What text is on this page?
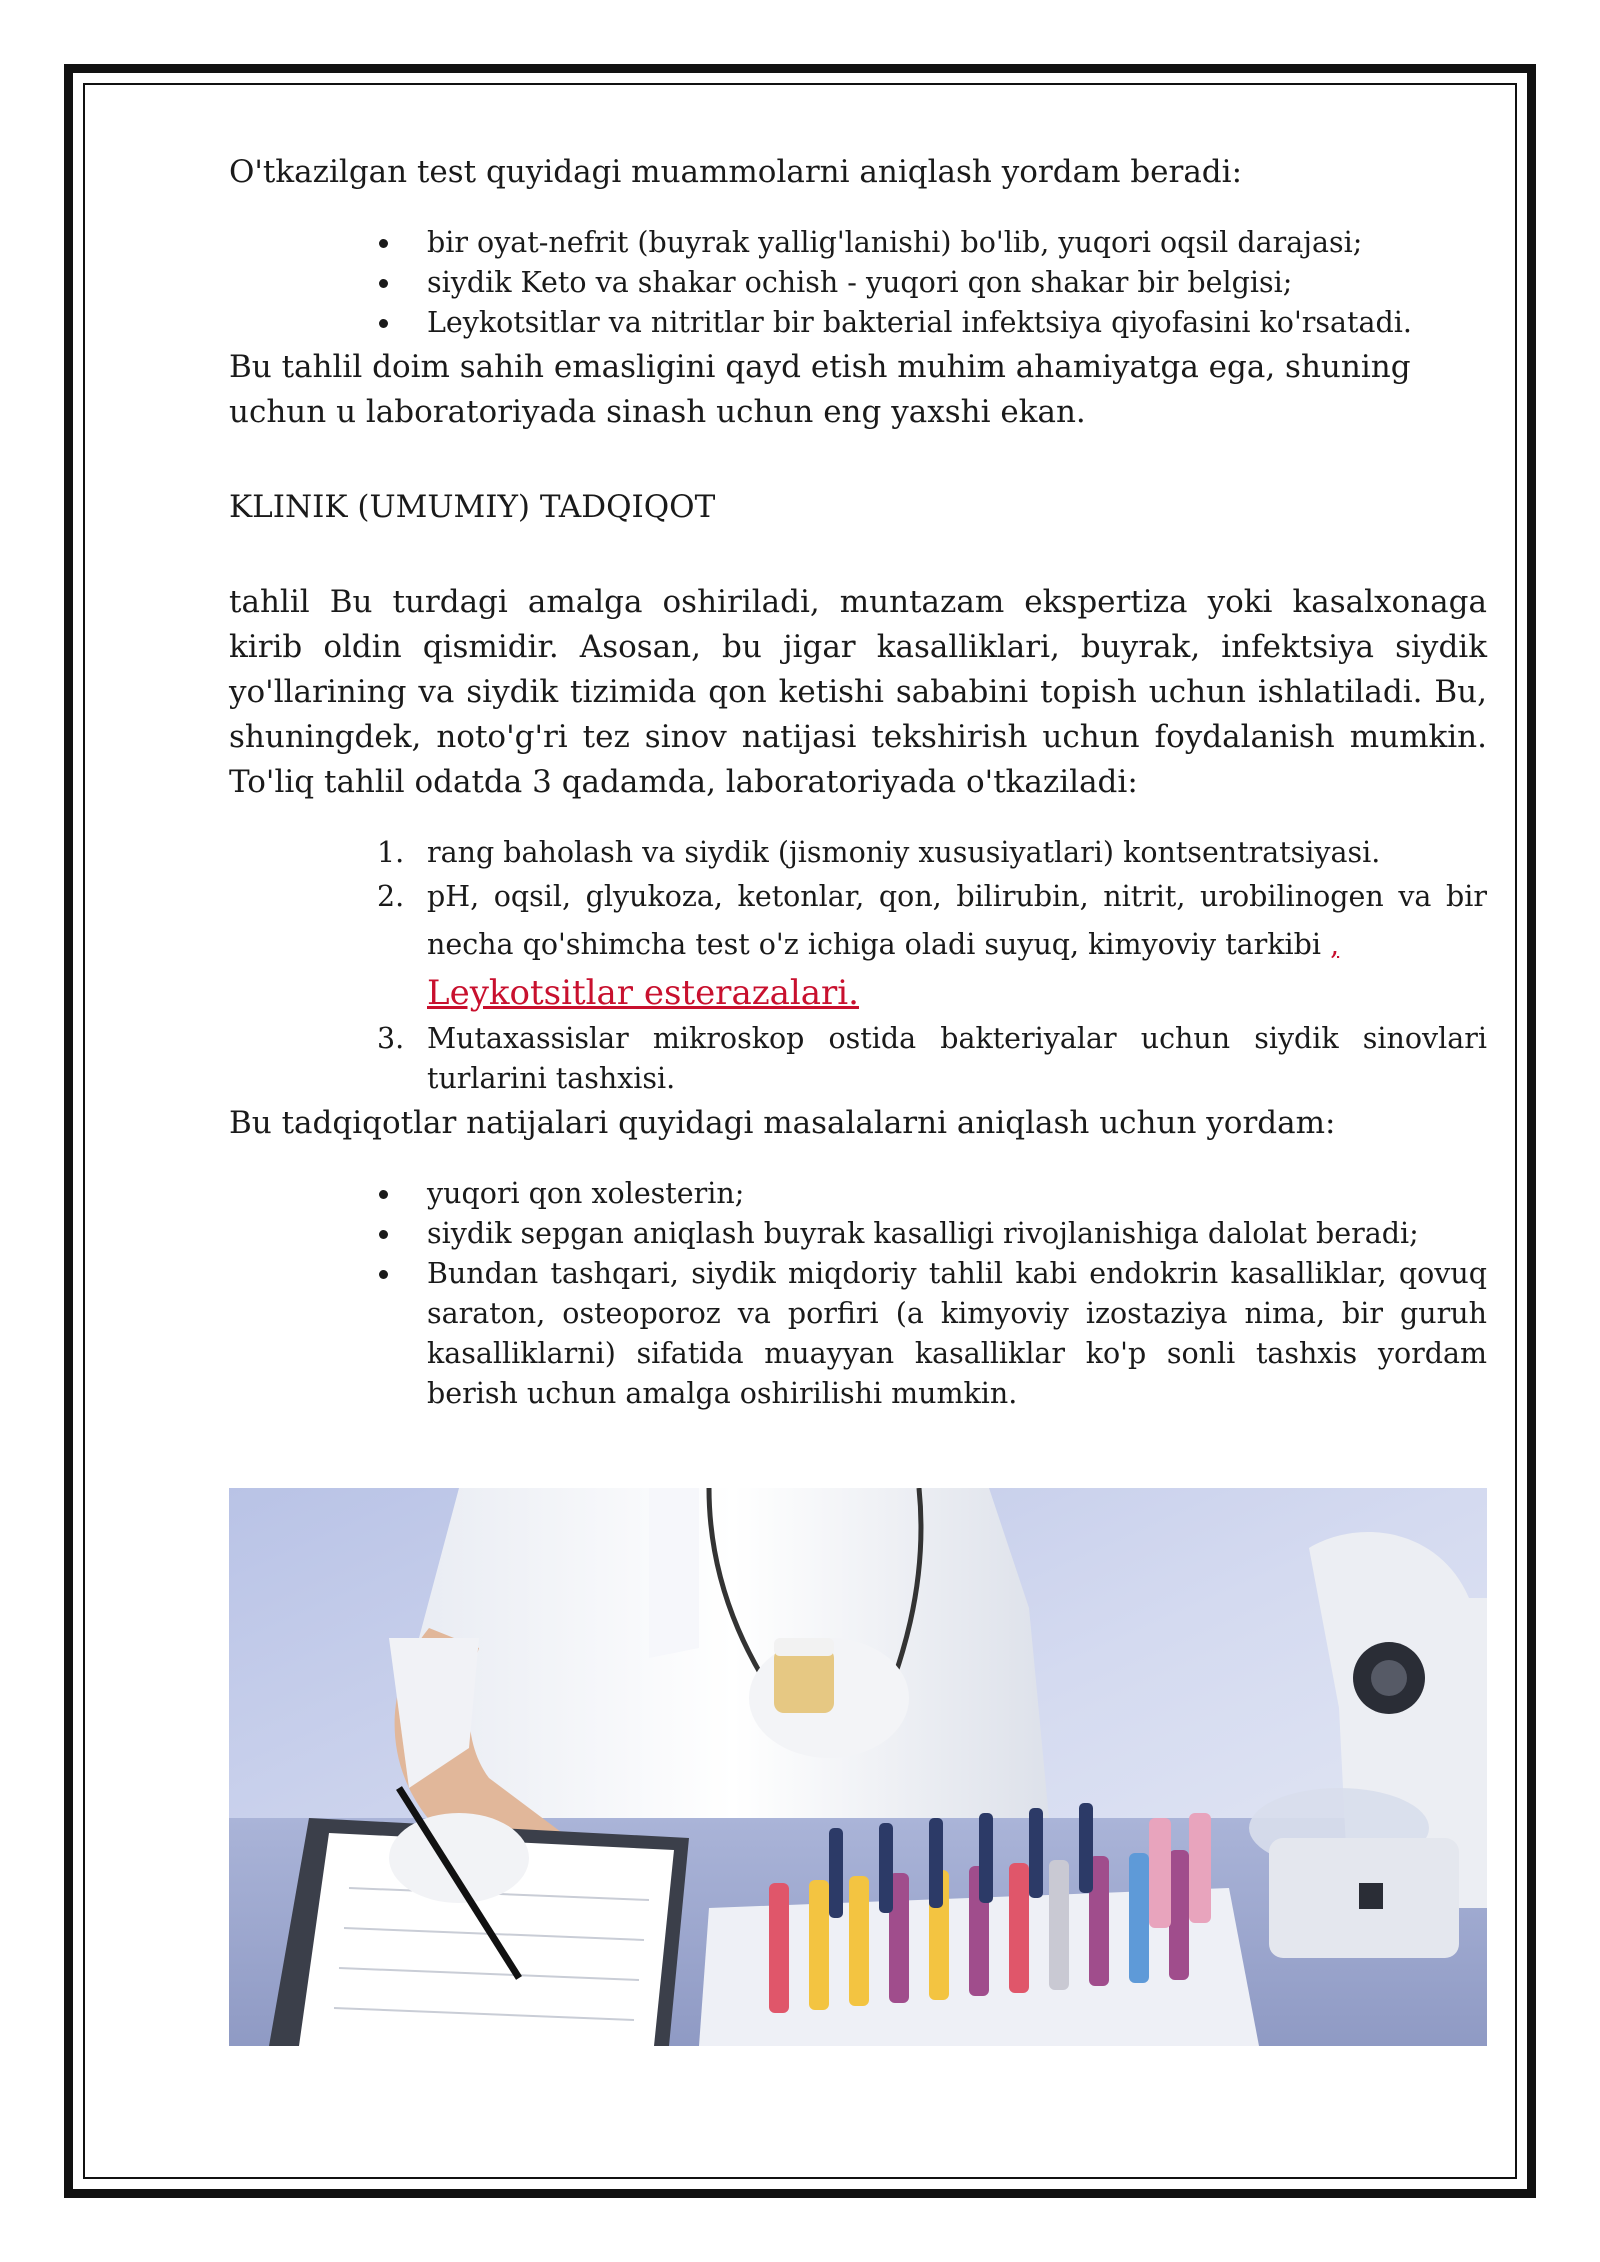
O'tkazilgan test quyidagi muammolarni aniqlash yordam beradi:

bir oyat-nefrit (buyrak yallig'lanishi) bo'lib, yuqori oqsil darajasi;
siydik Keto va shakar ochish - yuqori qon shakar bir belgisi;
Leykotsitlar va nitritlar bir bakterial infektsiya qiyofasini ko'rsatadi.

Bu tahlil doim sahih emasligini qayd etish muhim ahamiyatga ega, shuning uchun u laboratoriyada sinash uchun eng yaxshi ekan.

KLINIK (UMUMIY) TADQIQOT

tahlil Bu turdagi amalga oshiriladi, muntazam ekspertiza yoki kasalxonaga kirib oldin qismidir. Asosan, bu jigar kasalliklari, buyrak, infektsiya siydik yo'llarining va siydik tizimida qon ketishi sababini topish uchun ishlatiladi. Bu, shuningdek, noto'g'ri tez sinov natijasi tekshirish uchun foydalanish mumkin. To'liq tahlil odatda 3 qadamda, laboratoriyada o'tkaziladi:

1. rang baholash va siydik (jismoniy xususiyatlari) kontsentratsiyasi.
2. pH, oqsil, glyukoza, ketonlar, qon, bilirubin, nitrit, urobilinogen va bir necha qo'shimcha test o'z ichiga oladi suyuq, kimyoviy tarkibi ,
Leykotsitlar esterazalari.
3. Mutaxassislar mikroskop ostida bakteriyalar uchun siydik sinovlari turlarini tashxisi.

Bu tadqiqotlar natijalari quyidagi masalalarni aniqlash uchun yordam:

yuqori qon xolesterin;
siydik sepgan aniqlash buyrak kasalligi rivojlanishiga dalolat beradi;
Bundan tashqari, siydik miqdoriy tahlil kabi endokrin kasalliklar, qovuq saraton, osteoporoz va porfiri (a kimyoviy izostaziya nima, bir guruh kasalliklarni) sifatida muayyan kasalliklar ko'p sonli tashxis yordam berish uchun amalga oshirilishi mumkin.
